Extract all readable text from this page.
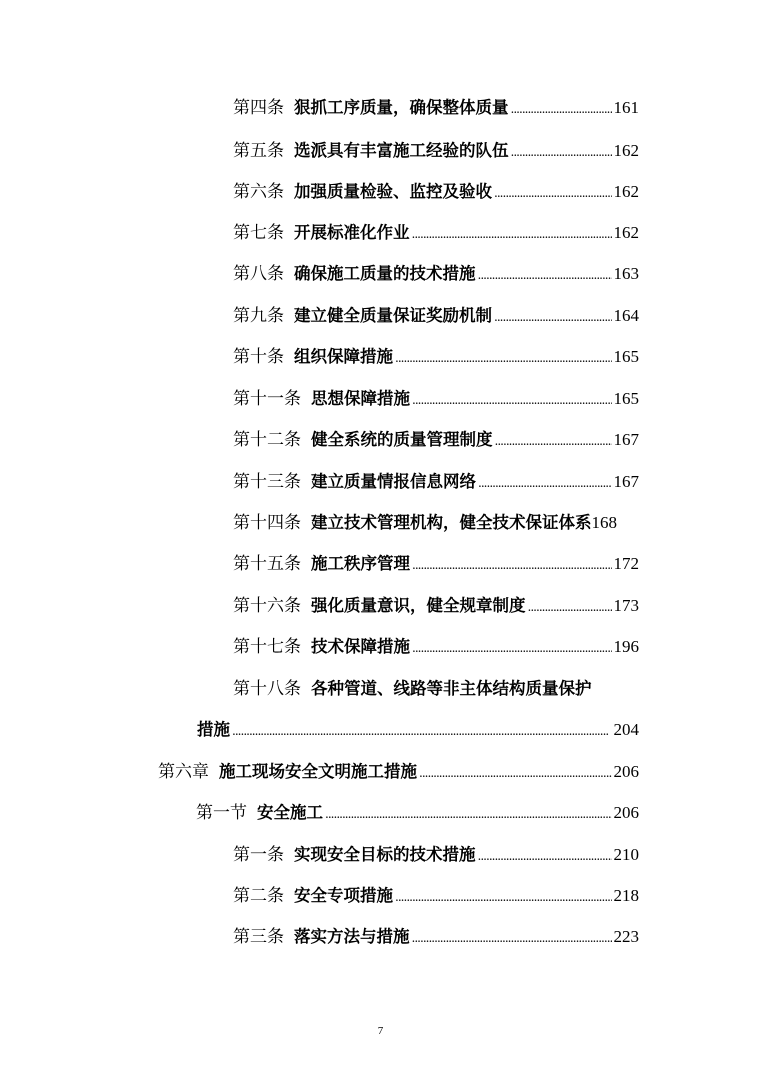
第四条 狠抓工序质量，确保整体质量 . . .	161
第五条 选派具有丰富施工经验的队伍 . . .	162
第六条 加强质量检验、监控及验收 . . .	162
第七条 开展标准化作业 . . .	162
第八条 确保施工质量的技术措施 . . .	163
第九条 建立健全质量保证奖励机制 . . .	164
第十条 组织保障措施 . . .	165
第十一条 思想保障措施 . . .	165
第十二条 健全系统的质量管理制度 . . .	167
第十三条 建立质量情报信息网络 . . .	167
第十四条 建立技术管理机构，健全技术保证体系 168
第十五条 施工秩序管理 . . .	172
第十六条 强化质量意识，健全规章制度 . . .	173
第十七条 技术保障措施 . . .	196
第十八条 各种管道、线路等非主体结构质量保护
措施 . . .	204
第六章 施工现场安全文明施工措施 . . .	206
第一节 安全施工 . . .	206
第一条 实现安全目标的技术措施 . . .	210
第二条 安全专项措施 . . .	218
第三条 落实方法与措施 . . .	223
7
